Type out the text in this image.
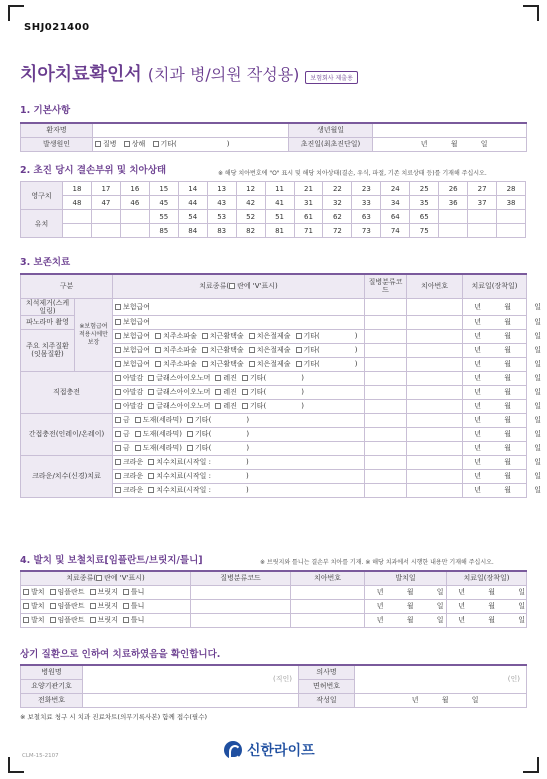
SHJ021400
치아치료확인서 (치과 병/의원 작성용)	보험회사 제출용
1. 기본사항
환자명		생년월일	
발생원인	질병 상해 기타( )	초진일(최초진단일)	년 월 일
2. 초진 당시 결손부위 및 치아상태	※ 해당 치아번호에 "O" 표시 및 해당 치아상태(결손, 우식, 파절, 기존 치료상태 등)를 기재해 주십시오.
영구치	18	17	16	15	14	13	12	11	21	22	23	24	25	26	27	28
	48	47	46	45	44	43	42	41	31	32	33	34	35	36	37	38
유치				55	54	53	52	51	61	62	63	64	65			
				85	84	83	82	81	71	72	73	74	75			
3. 보존치료
구분		치료종류( 란에 'V'표시)	질병분류코드	치아번호	치료일(장착일)
치석제거(스케일링)	※보험급여적용시에만 보장	보험급여			년 월 일
파노라마 촬영		보험급여			년 월 일
주요 치주질환(잇몸질환)		보험급여 치주소파술 치근활택술 치은절제술 기타( )			년 월 일
		보험급여 치주소파술 치근활택술 치은절제술 기타( )			년 월 일
		보험급여 치주소파술 치근활택술 치은절제술 기타( )			년 월 일
직접충전		아말감 글래스아이오노머 레진 기타( )			년 월 일
		아말감 글래스아이오노머 레진 기타( )			년 월 일
		아말감 글래스아이오노머 레진 기타( )			년 월 일
간접충전(인레이/온레이)		금 도재(세라믹) 기타( )			년 월 일
		금 도재(세라믹) 기타( )			년 월 일
		금 도재(세라믹) 기타( )			년 월 일
크라운/치수(신경)치료		크라운 치수치료(시작일 : )			년 월 일
		크라운 치수치료(시작일 : )			년 월 일
		크라운 치수치료(시작일 : )			년 월 일
4. 발치 및 보철치료[임플란트/브릿지/틀니]	※ 브릿지와 틀니는 결손부 치아를 기재. ※ 해당 치과에서 시행한 내용만 기재해 주십시오.
치료종류( 란에 'V'표시)	질병분류코드	치아번호	발치일	치료일(장착일)
발치 임플란트 브릿지 틀니			년 월 일	년 월 일
발치 임플란트 브릿지 틀니			년 월 일	년 월 일
발치 임플란트 브릿지 틀니			년 월 일	년 월 일
상기 질환으로 인하여 치료하였음을 확인합니다.
병원명	(직인)	의사명	(인)
요양기관기호		면허번호	
전화번호		작성일	년 월 일
※ 보철치료 청구 시 치과 진료차트(의무기록사본) 함께 접수(필수)
CLM-15-2107	신한라이프
